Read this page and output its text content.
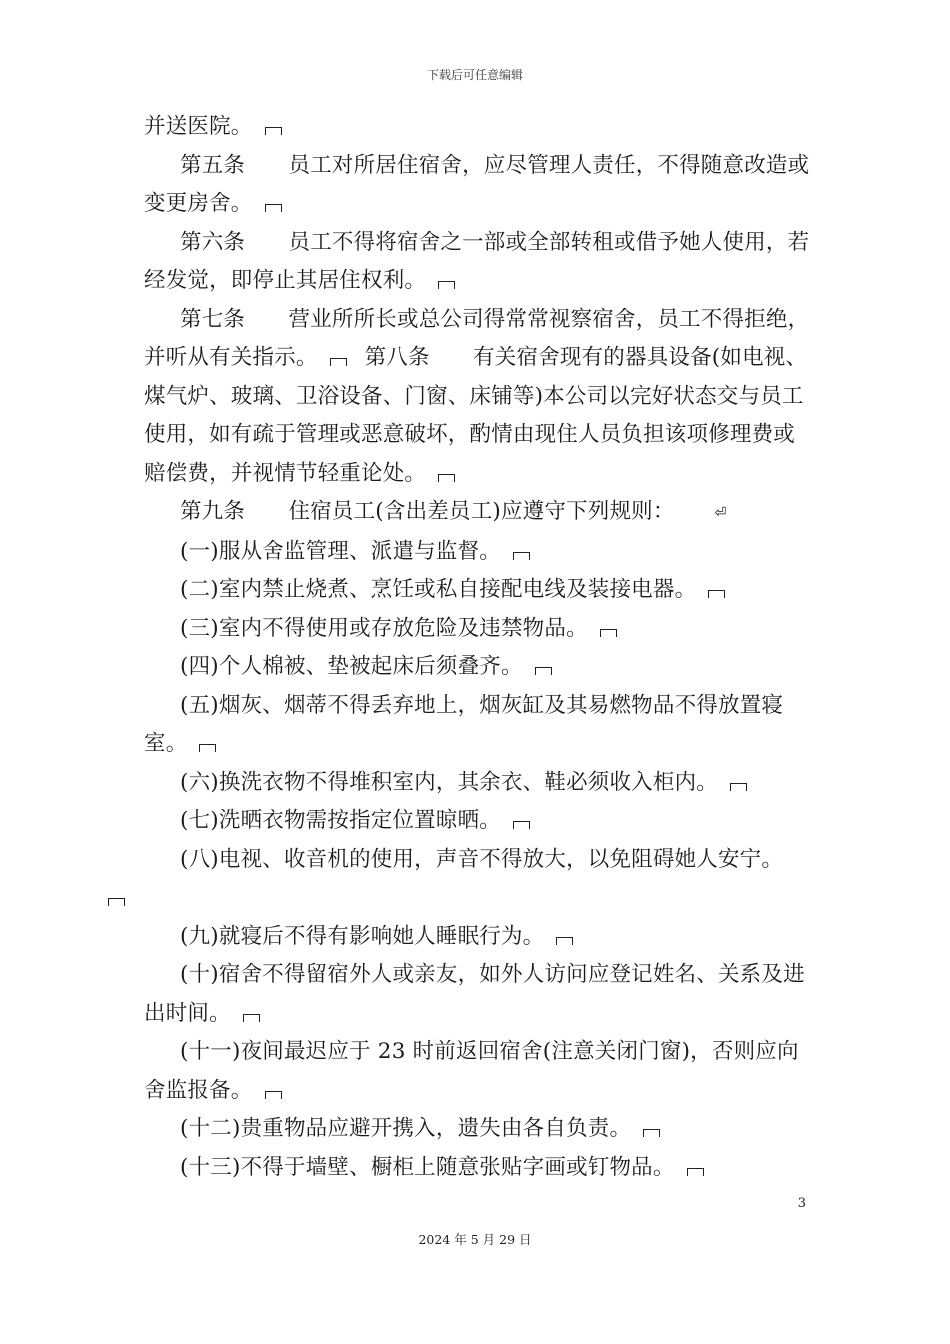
下载后可任意编辑

并送医院。

第五条　　员工对所居住宿舍，应尽管理人责任，不得随意改造或变更房舍。

第六条　　员工不得将宿舍之一部或全部转租或借予她人使用，若经发觉，即停止其居住权利。

第七条　　营业所所长或总公司得常常视察宿舍，员工不得拒绝，并听从有关指示。 第八条　　有关宿舍现有的器具设备(如电视、煤气炉、玻璃、卫浴设备、门窗、床铺等)本公司以完好状态交与员工使用，如有疏于管理或恶意破坏，酌情由现住人员负担该项修理费或赔偿费，并视情节轻重论处。

第九条　　住宿员工(含出差员工)应遵守下列规则：	⏎

(一)服从舍监管理、派遣与监督。

(二)室内禁止烧煮、烹饪或私自接配电线及装接电器。

(三)室内不得使用或存放危险及违禁物品。

(四)个人棉被、垫被起床后须叠齐。

(五)烟灰、烟蒂不得丢弃地上，烟灰缸及其易燃物品不得放置寝室。

(六)换洗衣物不得堆积室内，其余衣、鞋必须收入柜内。

(七)洗晒衣物需按指定位置晾晒。

(八)电视、收音机的使用，声音不得放大，以免阻碍她人安宁。

(九)就寝后不得有影响她人睡眠行为。

(十)宿舍不得留宿外人或亲友，如外人访问应登记姓名、关系及进出时间。

(十一)夜间最迟应于 23 时前返回宿舍(注意关闭门窗)，否则应向舍监报备。

(十二)贵重物品应避开携入，遗失由各自负责。

(十三)不得于墙壁、橱柜上随意张贴字画或钉物品。

3
2024 年 5 月 29 日
